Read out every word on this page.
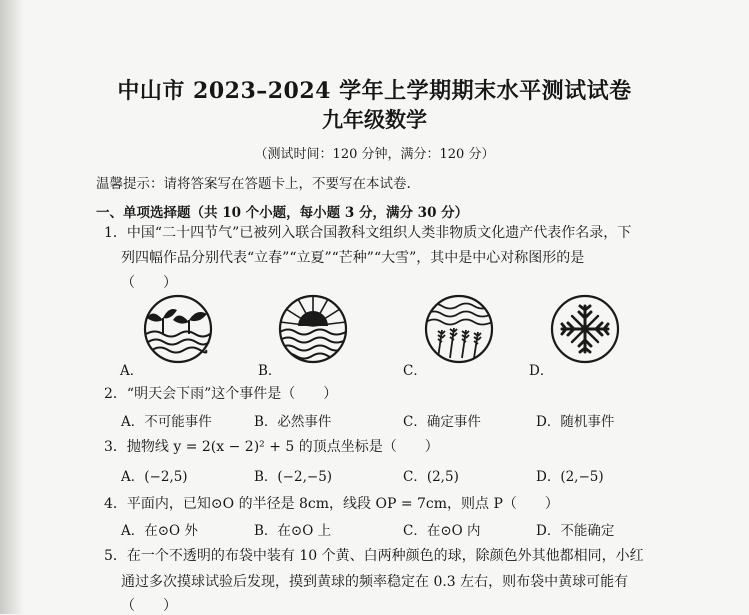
中山市 2023–2024 学年上学期期末水平测试试卷
九年级数学
（测试时间：120 分钟，满分：120 分）
温馨提示：请将答案写在答题卡上，不要写在本试卷.
一、单项选择题（共 10 个小题，每小题 3 分，满分 30 分）
1．中国“二十四节气”已被列入联合国教科文组织人类非物质文化遗产代表作名录，下
列四幅作品分别代表“立春”“立夏”“芒种”“大雪”，其中是中心对称图形的是
（　　）
A．	B．	C．	D．
2．“明天会下雨”这个事件是（　　）
A．不可能事件	B．必然事件	C．确定事件	D．随机事件
3．抛物线 y = 2(x − 2)² + 5 的顶点坐标是（　　）
A．(−2,5)	B．(−2,−5)	C．(2,5)	D．(2,−5)
4．平面内，已知⊙O 的半径是 8cm，线段 OP = 7cm，则点 P（　　）
A．在⊙O 外	B．在⊙O 上	C．在⊙O 内	D．不能确定
5．在一个不透明的布袋中装有 10 个黄、白两种颜色的球，除颜色外其他都相同，小红
通过多次摸球试验后发现，摸到黄球的频率稳定在 0.3 左右，则布袋中黄球可能有
（　　）
